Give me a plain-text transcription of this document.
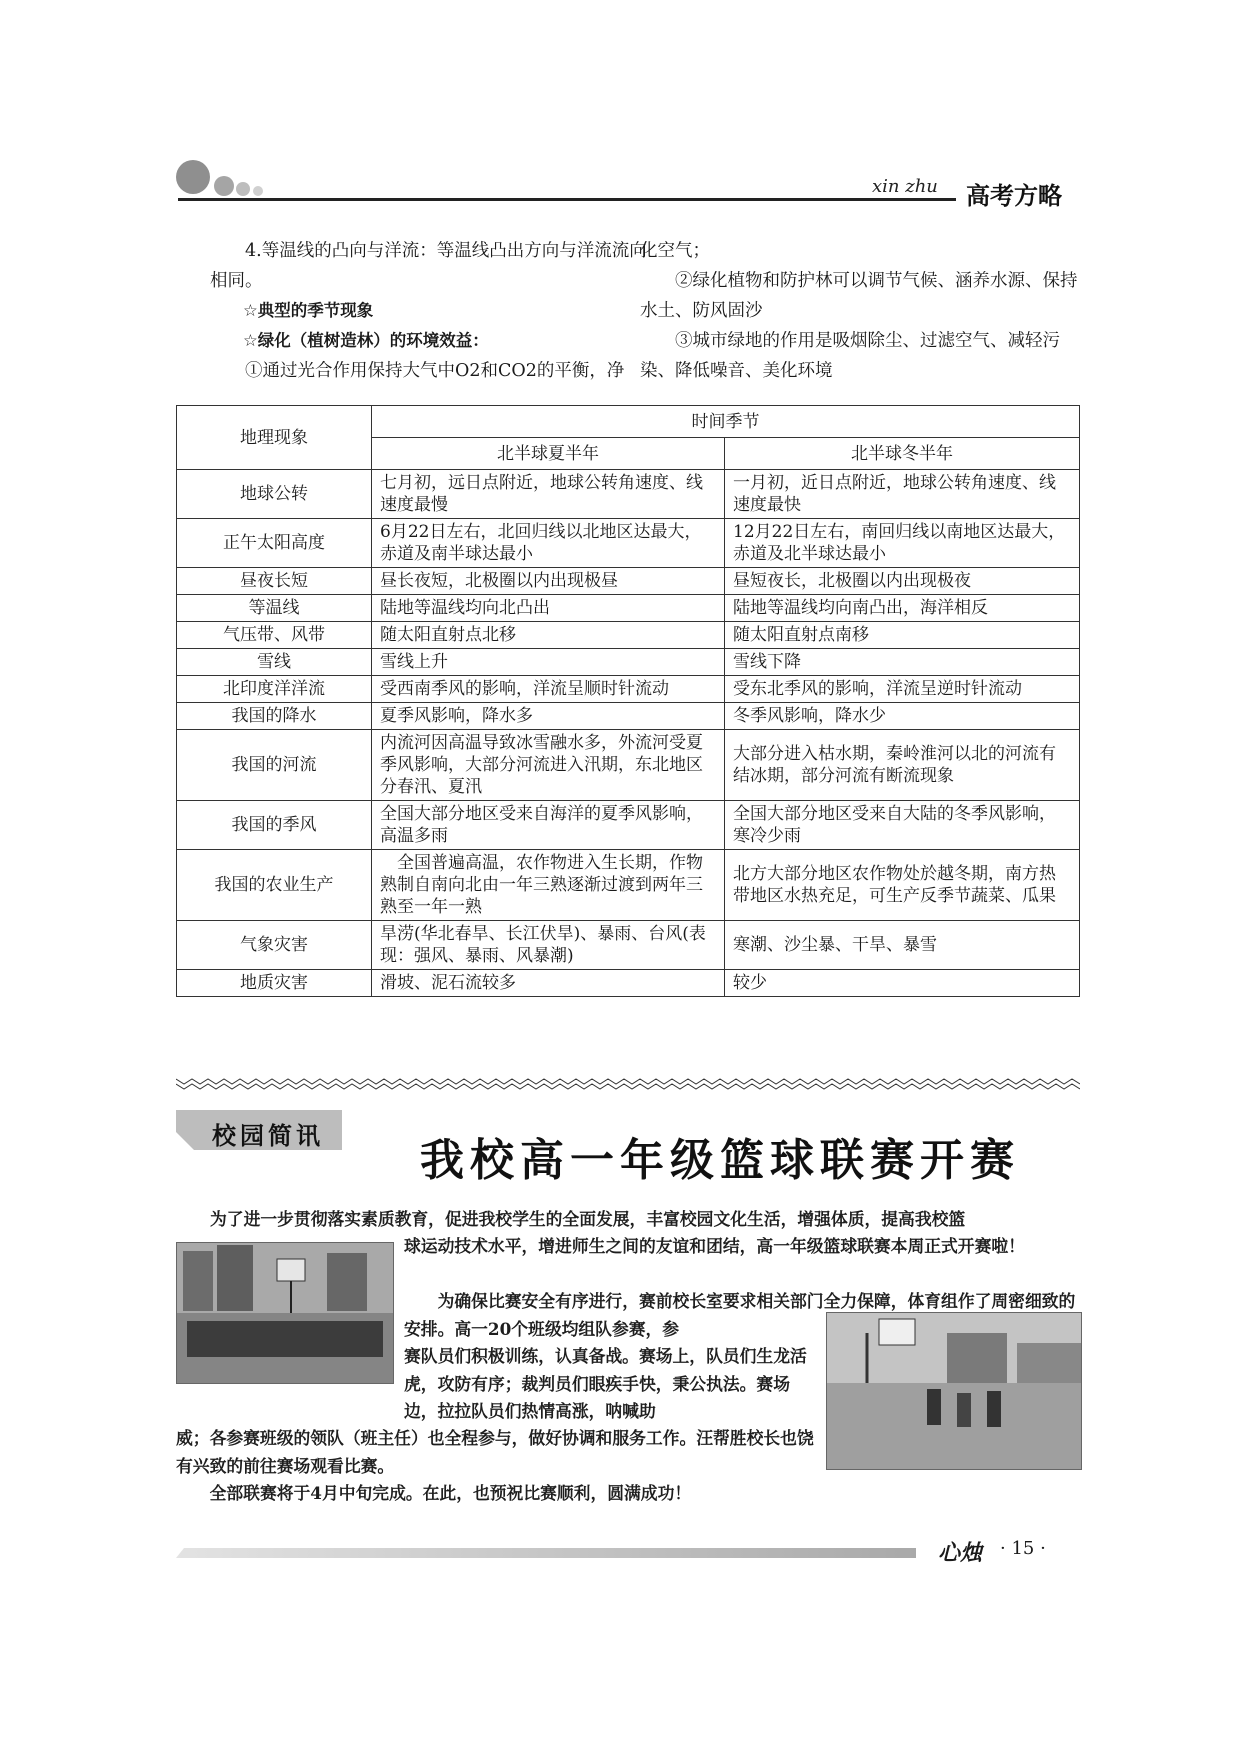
xin zhu 高考方略

4.等温线的凸向与洋流：等温线凸出方向与洋流流向相同。

☆典型的季节现象

☆绿化（植树造林）的环境效益：

①通过光合作用保持大气中O2和CO2的平衡，净

化空气；

②绿化植物和防护林可以调节气候、涵养水源、保持水土、防风固沙

③城市绿地的作用是吸烟除尘、过滤空气、减轻污染、降低噪音、美化环境

地理现象	时间季节	
	北半球夏半年	北半球冬半年
地球公转	七月初，远日点附近，地球公转角速度、线速度最慢	一月初，近日点附近，地球公转角速度、线速度最快
正午太阳高度	6月22日左右，北回归线以北地区达最大，赤道及南半球达最小	12月22日左右，南回归线以南地区达最大，赤道及北半球达最小
昼夜长短	昼长夜短，北极圈以内出现极昼	昼短夜长，北极圈以内出现极夜
等温线	陆地等温线均向北凸出	陆地等温线均向南凸出，海洋相反
气压带、风带	随太阳直射点北移	随太阳直射点南移
雪线	雪线上升	雪线下降
北印度洋洋流	受西南季风的影响，洋流呈顺时针流动	受东北季风的影响，洋流呈逆时针流动
我国的降水	夏季风影响，降水多	冬季风影响，降水少
我国的河流	内流河因高温导致冰雪融水多，外流河受夏季风影响，大部分河流进入汛期，东北地区分春汛、夏汛	大部分进入枯水期，秦岭淮河以北的河流有结冰期，部分河流有断流现象
我国的季风	全国大部分地区受来自海洋的夏季风影响，高温多雨	全国大部分地区受来自大陆的冬季风影响，寒冷少雨
我国的农业生产	　全国普遍高温，农作物进入生长期，作物熟制自南向北由一年三熟逐渐过渡到两年三熟至一年一熟	北方大部分地区农作物处於越冬期，南方热带地区水热充足，可生产反季节蔬菜、瓜果
气象灾害	旱涝(华北春旱、长江伏旱)、暴雨、台风(表现：强风、暴雨、风暴潮)	寒潮、沙尘暴、干旱、暴雪
地质灾害	滑坡、泥石流较多	较少
校园简讯 我校高一年级篮球联赛开赛

为了进一步贯彻落实素质教育，促进我校学生的全面发展，丰富校园文化生活，增强体质，提高我校篮

球运动技术水平，增进师生之间的友谊和团结，高一年级篮球联赛本周正式开赛啦！

为确保比赛安全有序进行，赛前校长室要求相关部门全力保障，体育组作了周密细致的安排。高一20个班级均组队参赛，参

赛队员们积极训练，认真备战。赛场上，队员们生龙活虎，攻防有序；裁判员们眼疾手快，秉公执法。赛场边，拉拉队员们热情高涨，呐喊助

威；各参赛班级的领队（班主任）也全程参与，做好协调和服务工作。汪帮胜校长也饶有兴致的前往赛场观看比赛。

全部联赛将于4月中旬完成。在此，也预祝比赛顺利，圆满成功！

心烛 · 15 ·
